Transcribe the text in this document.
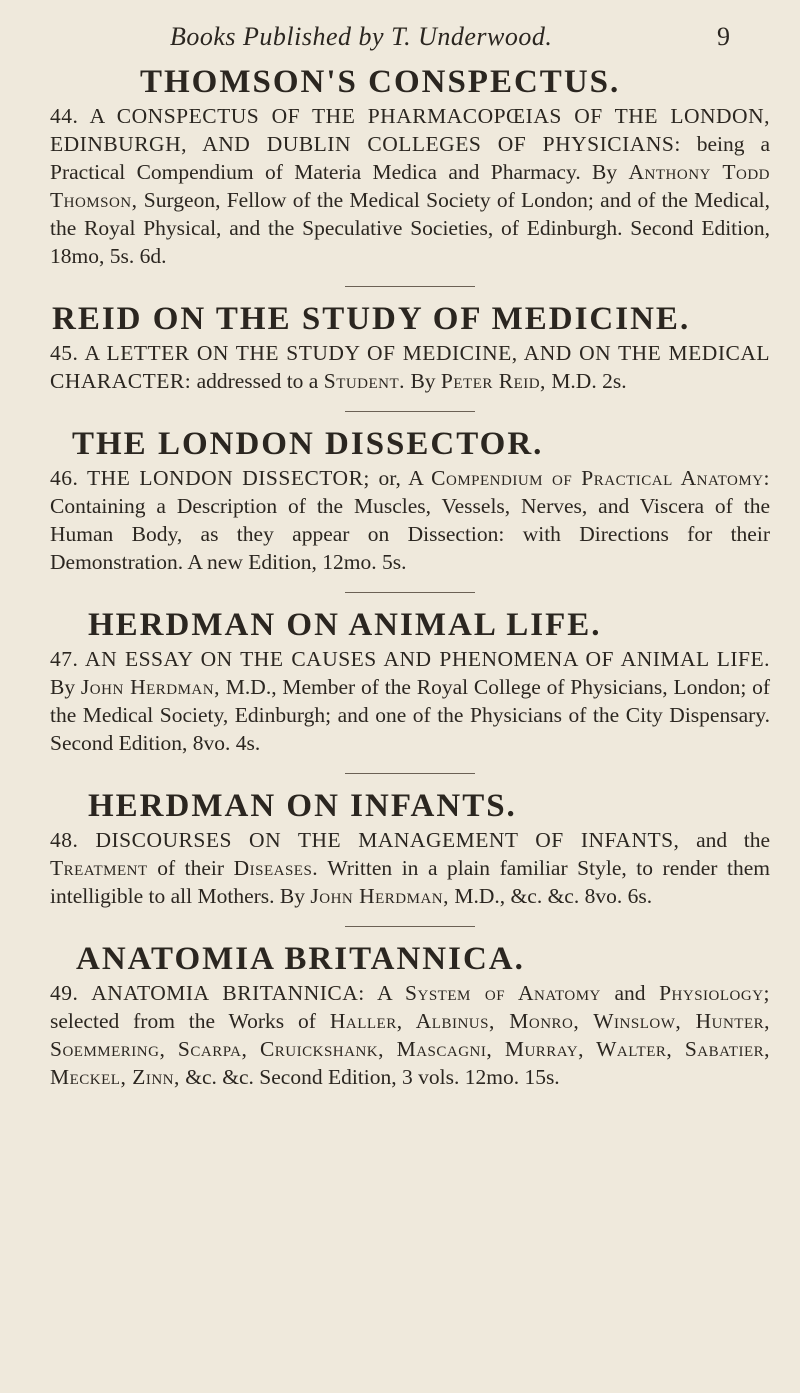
Books Published by T. Underwood.	9
THOMSON'S CONSPECTUS.

44. A CONSPECTUS OF THE PHARMACOPŒIAS OF THE LONDON, EDINBURGH, AND DUBLIN COLLEGES OF PHYSICIANS: being a Practical Compendium of Materia Medica and Pharmacy. By Anthony Todd Thomson, Surgeon, Fellow of the Medical Society of London; and of the Medical, the Royal Physical, and the Speculative Societies, of Edinburgh. Second Edition, 18mo, 5s. 6d.

REID ON THE STUDY OF MEDICINE.

45. A LETTER ON THE STUDY OF MEDICINE, AND ON THE MEDICAL CHARACTER: addressed to a Student. By Peter Reid, M.D. 2s.

THE LONDON DISSECTOR.

46. THE LONDON DISSECTOR; or, A Compendium of Practical Anatomy: Containing a Description of the Muscles, Vessels, Nerves, and Viscera of the Human Body, as they appear on Dissection: with Directions for their Demonstration. A new Edition, 12mo. 5s.

HERDMAN ON ANIMAL LIFE.

47. AN ESSAY ON THE CAUSES AND PHENOMENA OF ANIMAL LIFE. By John Herdman, M.D., Member of the Royal College of Physicians, London; of the Medical Society, Edinburgh; and one of the Physicians of the City Dispensary. Second Edition, 8vo. 4s.

HERDMAN ON INFANTS.

48. DISCOURSES ON THE MANAGEMENT OF INFANTS, and the Treatment of their Diseases. Written in a plain familiar Style, to render them intelligible to all Mothers. By John Herdman, M.D., &c. &c. 8vo. 6s.

ANATOMIA BRITANNICA.

49. ANATOMIA BRITANNICA: A System of Anatomy and Physiology; selected from the Works of Haller, Albinus, Monro, Winslow, Hunter, Soemmering, Scarpa, Cruickshank, Mascagni, Murray, Walter, Sabatier, Meckel, Zinn, &c. &c. Second Edition, 3 vols. 12mo. 15s.
